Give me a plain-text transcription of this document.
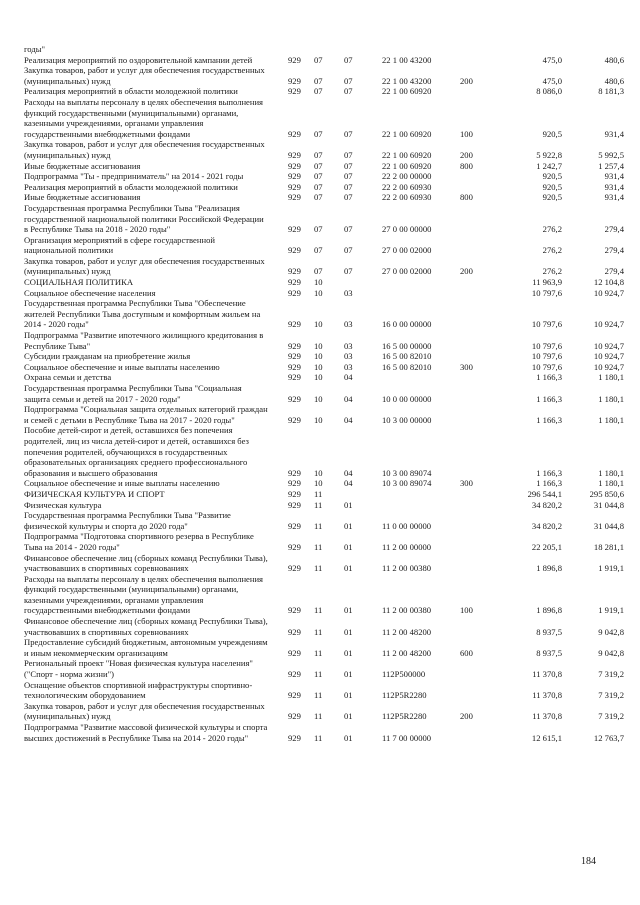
годы"
Реализация мероприятий по оздоровительной кампании детей	929	07	07	22 1 00 43200	475,0	480,6
Закупка товаров, работ и услуг для обеспечения государственных (муниципальных) нужд	929	07	07	22 1 00 43200	200	475,0	480,6
Реализация мероприятий в области молодежной политики	929	07	07	22 1 00 60920	8 086,0	8 181,3
Расходы на выплаты персоналу в целях обеспечения выполнения функций государственными (муниципальными) органами, казенными учреждениями, органами управления государственными внебюджетными фондами	929	07	07	22 1 00 60920	100	920,5	931,4
Закупка товаров, работ и услуг для обеспечения государственных (муниципальных) нужд	929	07	07	22 1 00 60920	200	5 922,8	5 992,5
Иные бюджетные ассигнования	929	07	07	22 1 00 60920	800	1 242,7	1 257,4
Подпрограмма "Ты - предприниматель" на 2014 - 2021 годы	929	07	07	22 2 00 00000	920,5	931,4
Реализация мероприятий в области молодежной политики	929	07	07	22 2 00 60930	920,5	931,4
Иные бюджетные ассигнования	929	07	07	22 2 00 60930	800	920,5	931,4
Государственная программа Республики Тыва "Реализация государственной национальной политики Российской Федерации в Республике Тыва на 2018 - 2020 годы"	929	07	07	27 0 00 00000	276,2	279,4
Организация мероприятий в сфере государственной национальной политики	929	07	07	27 0 00 02000	276,2	279,4
Закупка товаров, работ и услуг для обеспечения государственных (муниципальных) нужд	929	07	07	27 0 00 02000	200	276,2	279,4
СОЦИАЛЬНАЯ ПОЛИТИКА	929	10	11 963,9	12 104,8
Социальное обеспечение населения	929	10	03	10 797,6	10 924,7
Государственная программа Республики Тыва "Обеспечение жителей Республики Тыва доступным и комфортным жильем на 2014 - 2020 годы"	929	10	03	16 0 00 00000	10 797,6	10 924,7
Подпрограмма "Развитие ипотечного жилищного кредитования в Республике Тыва"	929	10	03	16 5 00 00000	10 797,6	10 924,7
Субсидии гражданам на приобретение жилья	929	10	03	16 5 00 82010	10 797,6	10 924,7
Социальное обеспечение и иные выплаты населению	929	10	03	16 5 00 82010	300	10 797,6	10 924,7
Охрана семьи и детства	929	10	04	1 166,3	1 180,1
Государственная программа Республики Тыва "Социальная защита семьи и детей на 2017 - 2020 годы"	929	10	04	10 0 00 00000	1 166,3	1 180,1
Подпрограмма "Социальная защита отдельных категорий граждан и семей с детьми в Республике Тыва на 2017 - 2020 годы"	929	10	04	10 3 00 00000	1 166,3	1 180,1
Пособие детей-сирот и детей, оставшихся без попечения родителей, лиц из числа детей-сирот и детей, оставшихся без попечения родителей, обучающихся в государственных образовательных организациях среднего профессионального образования и высшего образования	929	10	04	10 3 00 89074	1 166,3	1 180,1
Социальное обеспечение и иные выплаты населению	929	10	04	10 3 00 89074	300	1 166,3	1 180,1
ФИЗИЧЕСКАЯ КУЛЬТУРА И СПОРТ	929	11	296 544,1	295 850,6
Физическая культура	929	11	01	34 820,2	31 044,8
Государственная программа Республики Тыва "Развитие физической культуры и спорта до 2020 года"	929	11	01	11 0 00 00000	34 820,2	31 044,8
Подпрограмма "Подготовка спортивного резерва в Республике Тыва на 2014 - 2020 годы"	929	11	01	11 2 00 00000	22 205,1	18 281,1
Финансовое обеспечение лиц (сборных команд Республики Тыва), участвовавших в спортивных соревнованиях	929	11	01	11 2 00 00380	1 896,8	1 919,1
Расходы на выплаты персоналу в целях обеспечения выполнения функций государственными (муниципальными) органами, казенными учреждениями, органами управления государственными внебюджетными фондами	929	11	01	11 2 00 00380	100	1 896,8	1 919,1
Финансовое обеспечение лиц (сборных команд Республики Тыва), участвовавших в спортивных соревнованиях	929	11	01	11 2 00 48200	8 937,5	9 042,8
Предоставление субсидий бюджетным, автономным учреждениям и иным некоммерческим организациям	929	11	01	11 2 00 48200	600	8 937,5	9 042,8
Региональный проект "Новая физическая культура населения" ("Спорт - норма жизни")	929	11	01	112P500000	11 370,8	7 319,2
Оснащение объектов спортивной инфраструктуры спортивно-технологическим оборудованием	929	11	01	112P5R2280	11 370,8	7 319,2
Закупка товаров, работ и услуг для обеспечения государственных (муниципальных) нужд	929	11	01	112P5R2280	200	11 370,8	7 319,2
Подпрограмма "Развитие массовой физической культуры и спорта высших достижений в Республике Тыва на 2014 - 2020 годы"	929	11	01	11 7 00 00000	12 615,1	12 763,7
184
